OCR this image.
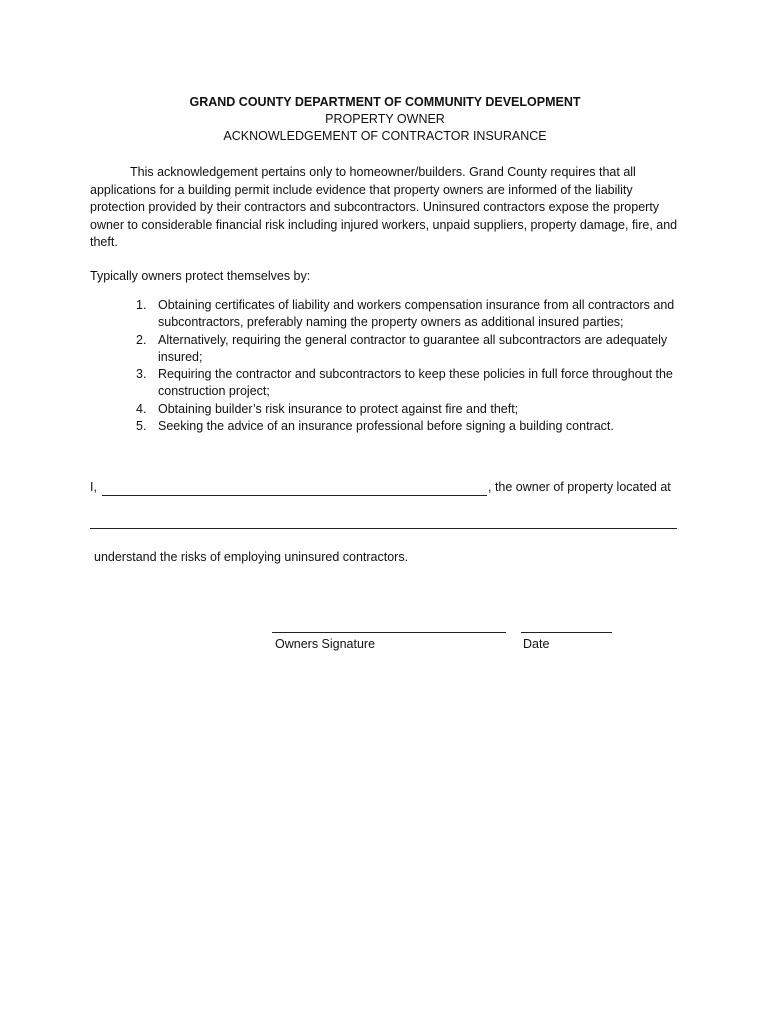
GRAND COUNTY DEPARTMENT OF COMMUNITY DEVELOPMENT
PROPERTY OWNER
ACKNOWLEDGEMENT OF CONTRACTOR INSURANCE

This acknowledgement pertains only to homeowner/builders. Grand County requires that all applications for a building permit include evidence that property owners are informed of the liability protection provided by their contractors and subcontractors. Uninsured contractors expose the property owner to considerable financial risk including injured workers, unpaid suppliers, property damage, fire, and theft.

Typically owners protect themselves by:

1. Obtaining certificates of liability and workers compensation insurance from all contractors and subcontractors, preferably naming the property owners as additional insured parties;
2. Alternatively, requiring the general contractor to guarantee all subcontractors are adequately insured;
3. Requiring the contractor and subcontractors to keep these policies in full force throughout the construction project;
4. Obtaining builder’s risk insurance to protect against fire and theft;
5. Seeking the advice of an insurance professional before signing a building contract.
I,	, the owner of property located at

understand the risks of employing uninsured contractors.

Owners Signature	Date
